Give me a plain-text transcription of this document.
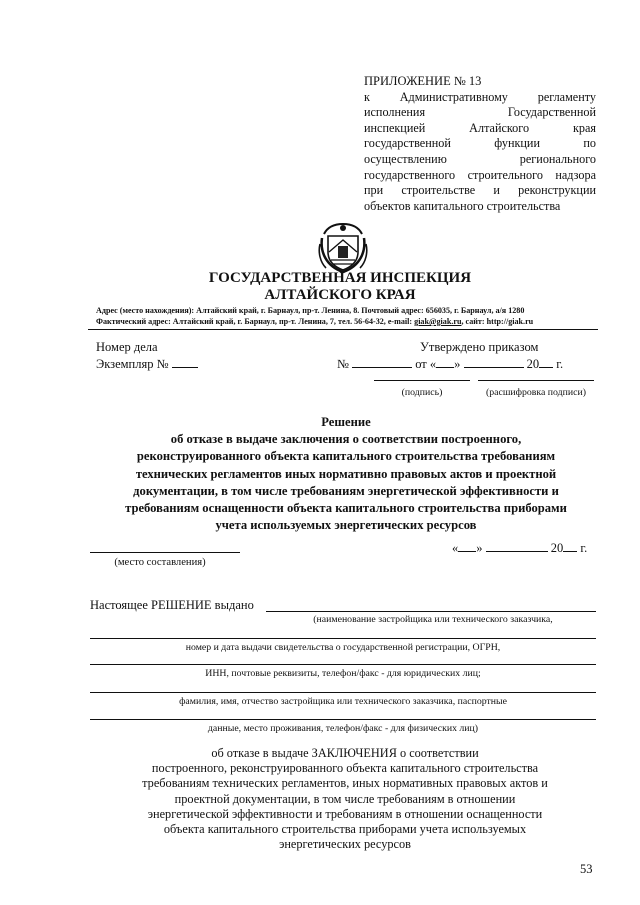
ПРИЛОЖЕНИЕ № 13
к Административному регламенту
исполнения Государственной
инспекцией Алтайского края
государственной функции по
осуществлению регионального
государственного строительного надзора
при строительстве и реконструкции
объектов капитального строительства
ГОСУДАРСТВЕННАЯ ИНСПЕКЦИЯ
АЛТАЙСКОГО КРАЯ
Адрес (место нахождения): Алтайский край, г. Барнаул, пр-т. Ленина, 8. Почтовый адрес: 656035, г. Барнаул, а/я 1280
Фактический адрес: Алтайский край, г. Барнаул, пр-т. Ленина, 7, тел. 56-64-32, e-mail: giak@giak.ru, сайт: http://giak.ru
Номер дела
Экземпляр №
Утверждено приказом
№	от « »	20 г.
(подпись)	(расшифровка подписи)
Решение
об отказе в выдаче заключения о соответствии построенного,
реконструированного объекта капитального строительства требованиям
технических регламентов иных нормативно правовых актов и проектной
документации, в том числе требованиям энергетической эффективности и
требованиям оснащенности объекта капитального строительства приборами
учета используемых энергетических ресурсов
(место составления)
« »	20 г.
Настоящее РЕШЕНИЕ выдано
(наименование застройщика или технического заказчика,
номер и дата выдачи свидетельства о государственной регистрации, ОГРН,
ИНН, почтовые реквизиты, телефон/факс - для юридических лиц;
фамилия, имя, отчество застройщика или технического заказчика, паспортные
данные, место проживания, телефон/факс - для физических лиц)
об отказе в выдаче ЗАКЛЮЧЕНИЯ о соответствии
построенного, реконструированного объекта капитального строительства
требованиям технических регламентов, иных нормативных правовых актов и
проектной документации, в том числе требованиям в отношении
энергетической эффективности и требованиям в отношении оснащенности
объекта капитального строительства приборами учета используемых
энергетических ресурсов
53
